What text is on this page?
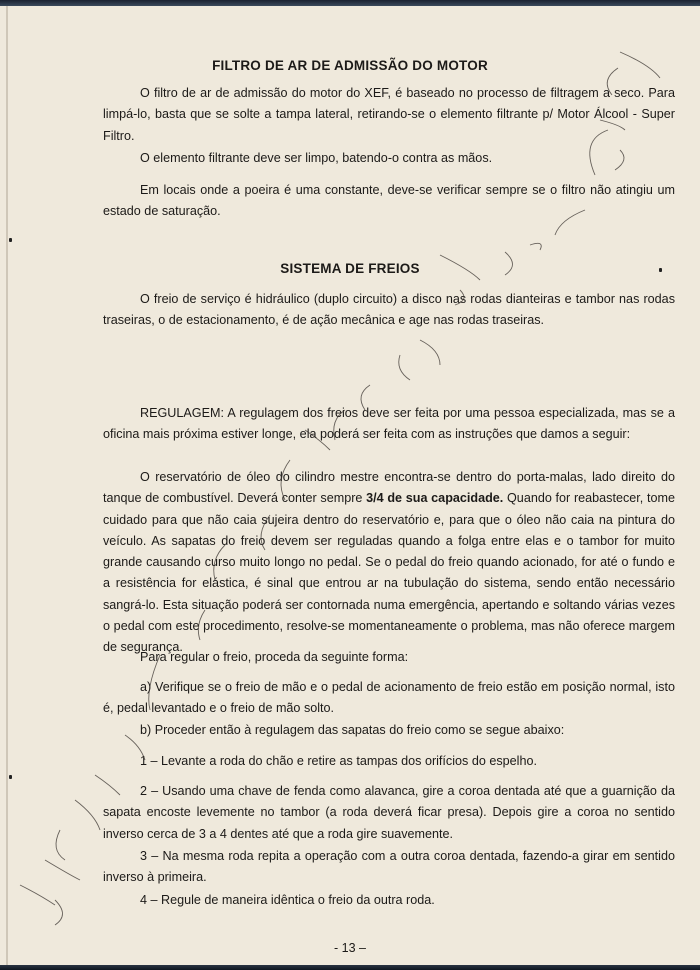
FILTRO DE AR DE ADMISSÃO DO MOTOR
O filtro de ar de admissão do motor do XEF, é baseado no processo de filtragem a seco. Para limpá-lo, basta que se solte a tampa lateral, retirando-se o elemento filtrante p/ Motor Álcool - Super Filtro.
O elemento filtrante deve ser limpo, batendo-o contra as mãos.
Em locais onde a poeira é uma constante, deve-se verificar sempre se o filtro não atingiu um estado de saturação.
SISTEMA DE FREIOS
O freio de serviço é hidráulico (duplo circuito) a disco nas rodas dianteiras e tambor nas rodas traseiras, o de estacionamento, é de ação mecânica e age nas rodas traseiras.
REGULAGEM: A regulagem dos freios deve ser feita por uma pessoa especializada, mas se a oficina mais próxima estiver longe, ela poderá ser feita com as instruções que damos a seguir:
O reservatório de óleo do cilindro mestre encontra-se dentro do porta-malas, lado direito do tanque de combustível. Deverá conter sempre 3/4 de sua capacidade. Quando for reabastecer, tome cuidado para que não caia sujeira dentro do reservatório e, para que o óleo não caia na pintura do veículo. As sapatas do freio devem ser reguladas quando a folga entre elas e o tambor for muito grande causando curso muito longo no pedal. Se o pedal do freio quando acionado, for até o fundo e a resistência for elástica, é sinal que entrou ar na tubulação do sistema, sendo então necessário sangrá-lo. Esta situação poderá ser contornada numa emergência, apertando e soltando várias vezes o pedal com este procedimento, resolve-se momentaneamente o problema, mas não oferece margem de segurança.
Para regular o freio, proceda da seguinte forma:
a) Verifique se o freio de mão e o pedal de acionamento de freio estão em posição normal, isto é, pedal levantado e o freio de mão solto.
b) Proceder então à regulagem das sapatas do freio como se segue abaixo:
1 – Levante a roda do chão e retire as tampas dos orifícios do espelho.
2 – Usando uma chave de fenda como alavanca, gire a coroa dentada até que a guarnição da sapata encoste levemente no tambor (a roda deverá ficar presa). Depois gire a coroa no sentido inverso cerca de 3 a 4 dentes até que a roda gire suavemente.
3 – Na mesma roda repita a operação com a outra coroa dentada, fazendo-a girar em sentido inverso à primeira.
4 – Regule de maneira idêntica o freio da outra roda.
- 13 –
